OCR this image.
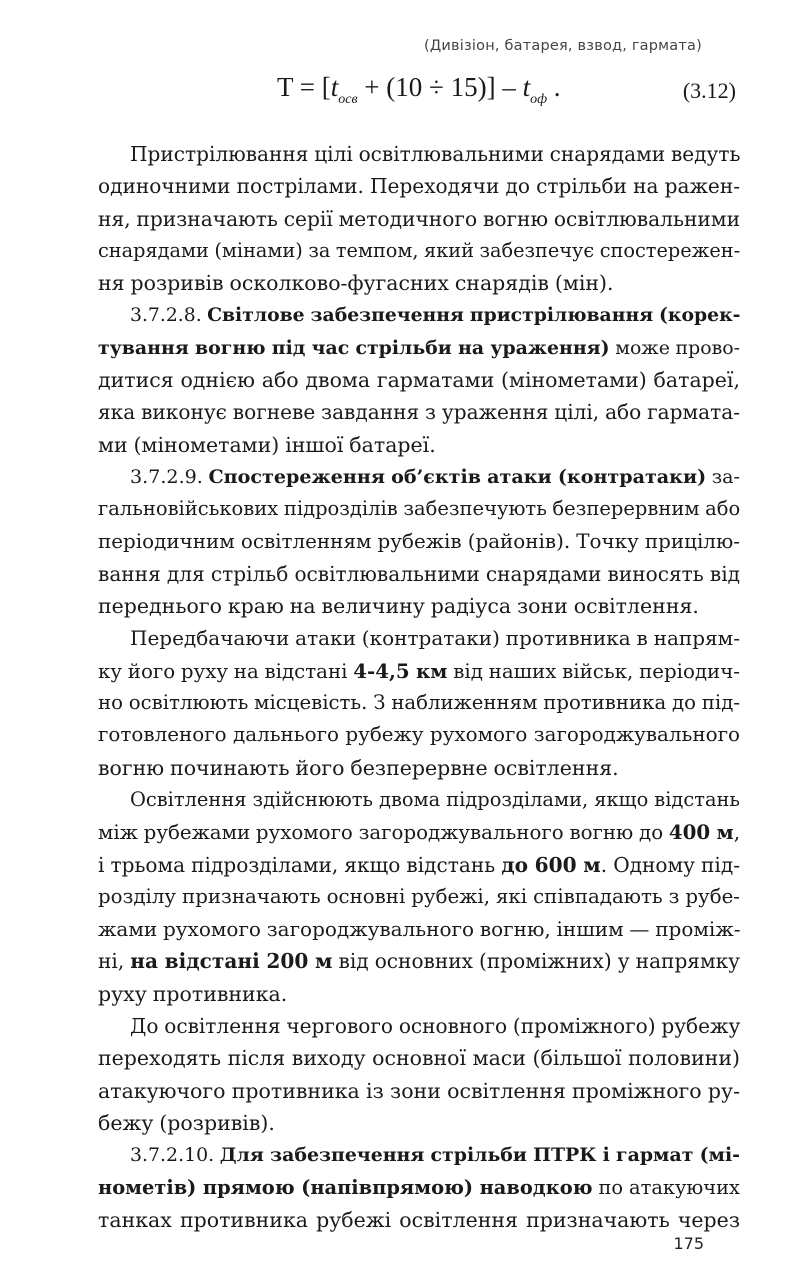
(Дивізіон, батарея, взвод, гармата)
$T = [t_{осв} + (10 \div 15)] - t_{оф}$ .	(3.12)
Пристрілювання цілі освітлювальними снарядами ведуть
одиночними пострілами. Переходячи до стрільби на ражен-
ня, призначають серії методичного вогню освітлювальними
снарядами (мінами) за темпом, який забезпечує спостережен-
ня розривів осколково-фугасних снарядів (мін).
3.7.2.8. Світлове забезпечення пристрілювання (корек-
тування вогню під час стрільби на ураження) може прово-
дитися однією або двома гарматами (мінометами) батареї,
яка виконує вогневе завдання з ураження цілі, або гармата-
ми (мінометами) іншої батареї.
3.7.2.9. Спостереження об’єктів атаки (контратаки) за-
гальновійськових підрозділів забезпечують безперервним або
періодичним освітленням рубежів (районів). Точку прицілю-
вання для стрільб освітлювальними снарядами виносять від
переднього краю на величину радіуса зони освітлення.
Передбачаючи атаки (контратаки) противника в напрям-
ку його руху на відстані 4-4,5 км від наших військ, періодич-
но освітлюють місцевість. З наближенням противника до під-
готовленого дальнього рубежу рухомого загороджувального
вогню починають його безперервне освітлення.
Освітлення здійснюють двома підрозділами, якщо відстань
між рубежами рухомого загороджувального вогню до 400 м,
і трьома підрозділами, якщо відстань до 600 м. Одному під-
розділу призначають основні рубежі, які співпадають з рубе-
жами рухомого загороджувального вогню, іншим — проміж-
ні, на відстані 200 м від основних (проміжних) у напрямку
руху противника.
До освітлення чергового основного (проміжного) рубежу
переходять після виходу основної маси (більшої половини)
атакуючого противника із зони освітлення проміжного ру-
бежу (розривів).
3.7.2.10. Для забезпечення стрільби ПТРК і гармат (мі-
нометів) прямою (напівпрямою) наводкою по атакуючих
танках противника рубежі освітлення призначають через
175
